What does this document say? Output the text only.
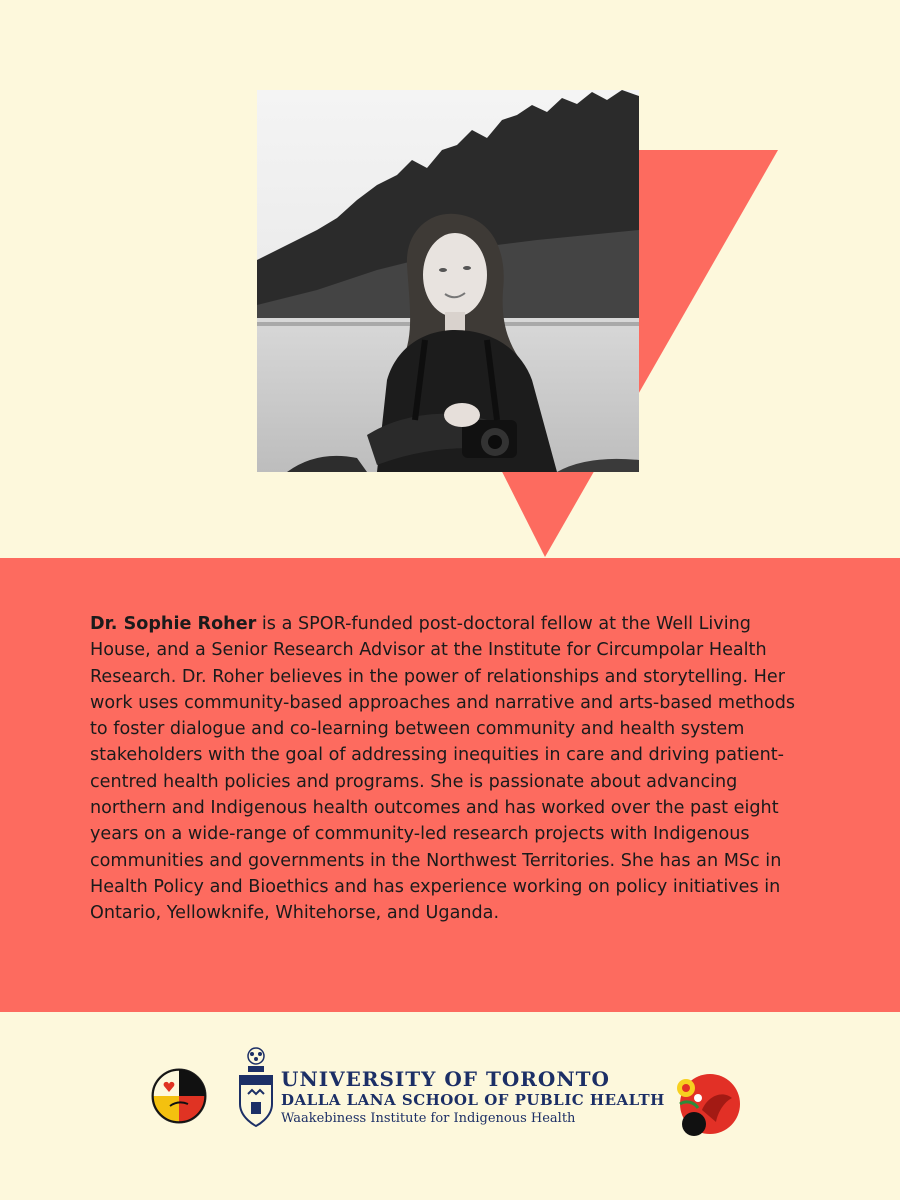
Dr. Sophie Roher is a SPOR-funded post-doctoral fellow at the Well Living House, and a Senior Research Advisor at the Institute for Circumpolar Health Research. Dr. Roher believes in the power of relationships and storytelling. Her work uses community-based approaches and narrative and arts-based methods to foster dialogue and co-learning between community and health system stakeholders with the goal of addressing inequities in care and driving patient-centred health policies and programs. She is passionate about advancing northern and Indigenous health outcomes and has worked over the past eight years on a wide-range of community-led research projects with Indigenous communities and governments in the Northwest Territories. She has an MSc in Health Policy and Bioethics and has experience working on policy initiatives in Ontario, Yellowknife, Whitehorse, and Uganda.

UNIVERSITY OF TORONTO
DALLA LANA SCHOOL OF PUBLIC HEALTH
Waakebiness Institute for Indigenous Health
